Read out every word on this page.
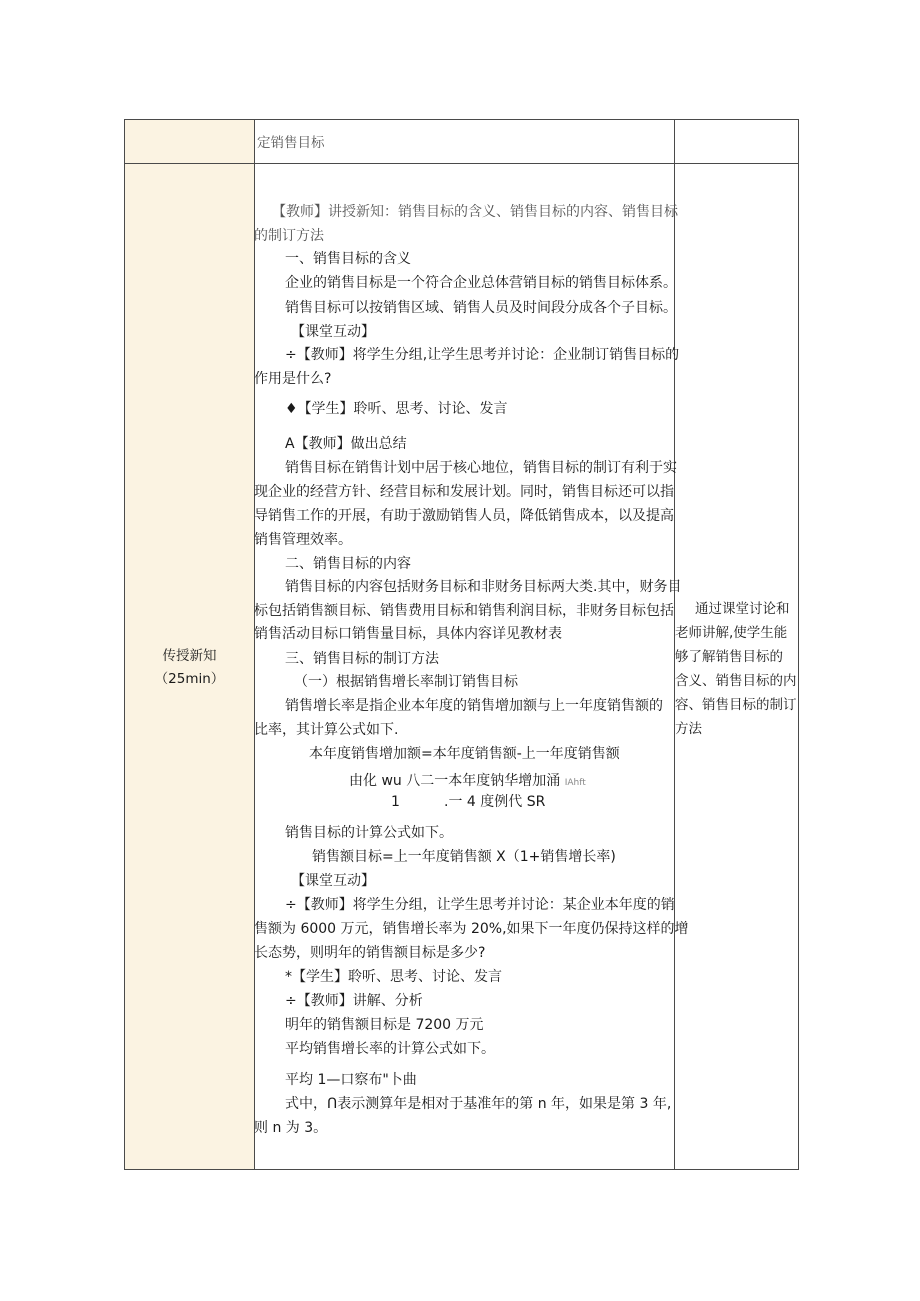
定销售目标
传授新知
（25min）
【教师】讲授新知：销售目标的含义、销售目标的内容、销售目标
的制订方法
一、销售目标的含义
企业的销售目标是一个符合企业总体营销目标的销售目标体系。
销售目标可以按销售区域、销售人员及时间段分成各个子目标。
【课堂互动】
÷【教师】将学生分组,让学生思考并讨论：企业制订销售目标的
作用是什么?
♦【学生】聆听、思考、讨论、发言
A【教师】做出总结
销售目标在销售计划中居于核心地位，销售目标的制订有利于实
现企业的经营方针、经营目标和发展计划。同时，销售目标还可以指
导销售工作的开展，有助于激励销售人员，降低销售成本，以及提高
销售管理效率。
二、销售目标的内容
销售目标的内容包括财务目标和非财务目标两大类.其中，财务目
标包括销售额目标、销售费用目标和销售利润目标，非财务目标包括
销售活动目标口销售量目标，具体内容详见教材表
三、销售目标的制订方法
（一）根据销售增长率制订销售目标
销售增长率是指企业本年度的销售增加额与上一年度销售额的
比率，其计算公式如下.
本年度销售增加额=本年度销售额-上一年度销售额
由化 wu 八二一本年度钠华增加涌 IAhft
1	.一 4 度例代 SR
销售目标的计算公式如下。
销售额目标=上一年度销售额 X（1+销售增长率)
【课堂互动】
÷【教师】将学生分组，让学生思考并讨论：某企业本年度的销
售额为 6000 万元，销售增长率为 20%,如果下一年度仍保持这样的增
长态势，则明年的销售额目标是多少?
*【学生】聆听、思考、讨论、发言
÷【教师】讲解、分析
明年的销售额目标是 7200 万元
平均销售增长率的计算公式如下。
平均 1—口察布"卜曲
式中，Ո表示测算年是相对于基准年的第 n 年，如果是第 3 年,
则 n 为 3。
通过课堂讨论和
老师讲解,使学生能
够了解销售目标的
含义、销售目标的内
容、销售目标的制订
方法
